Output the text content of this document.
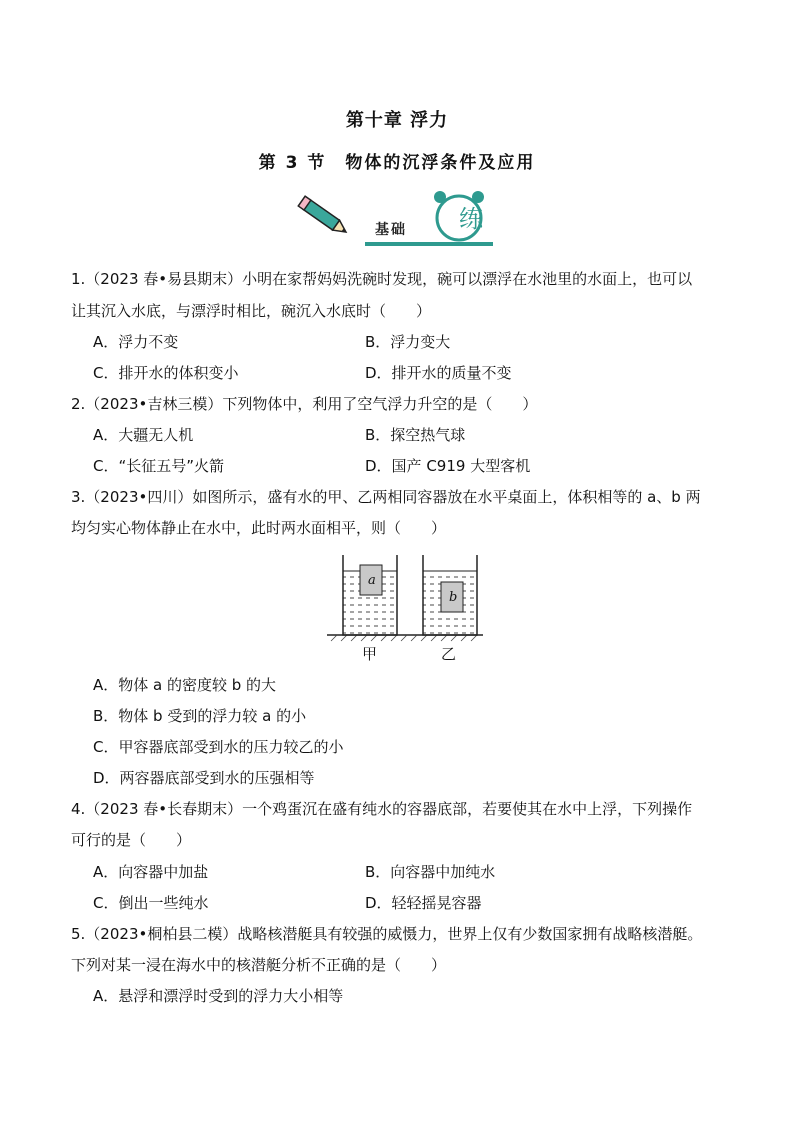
第十章 浮力
第 3 节　物体的沉浮条件及应用
基础 练
1.（2023 春•易县期末）小明在家帮妈妈洗碗时发现，碗可以漂浮在水池里的水面上，也可以
让其沉入水底，与漂浮时相比，碗沉入水底时（　　）
A．浮力不变	B．浮力变大
C．排开水的体积变小	D．排开水的质量不变
2.（2023•吉林三模）下列物体中，利用了空气浮力升空的是（　　）
A．大疆无人机	B．探空热气球
C．“长征五号”火箭	D．国产 C919 大型客机
3.（2023•四川）如图所示，盛有水的甲、乙两相同容器放在水平桌面上，体积相等的 a、b 两
均匀实心物体静止在水中，此时两水面相平，则（　　）
a
b
甲	乙
A．物体 a 的密度较 b 的大
B．物体 b 受到的浮力较 a 的小
C．甲容器底部受到水的压力较乙的小
D．两容器底部受到水的压强相等
4.（2023 春•长春期末）一个鸡蛋沉在盛有纯水的容器底部，若要使其在水中上浮，下列操作
可行的是（　　）
A．向容器中加盐	B．向容器中加纯水
C．倒出一些纯水	D．轻轻摇晃容器
5.（2023•桐柏县二模）战略核潜艇具有较强的威慑力，世界上仅有少数国家拥有战略核潜艇。
下列对某一浸在海水中的核潜艇分析不正确的是（　　）
A．悬浮和漂浮时受到的浮力大小相等
